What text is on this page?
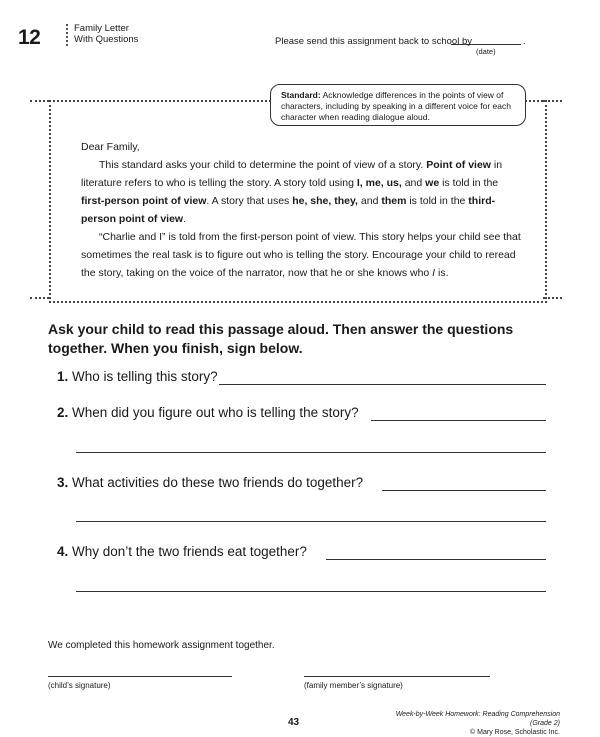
12	Family Letter
With Questions	Please send this assignment back to school by	.
(date)
Standard: Acknowledge differences in the points of view of characters, including by speaking in a different voice for each character when reading dialogue aloud.

Dear Family,

This standard asks your child to determine the point of view of a story. Point of view in literature refers to who is telling the story. A story told using I, me, us, and we is told in the first-person point of view. A story that uses he, she, they, and them is told in the third-person point of view.

“Charlie and I” is told from the first-person point of view. This story helps your child see that sometimes the real task is to figure out who is telling the story. Encourage your child to reread the story, taking on the voice of the narrator, now that he or she knows who I is.

Ask your child to read this passage aloud. Then answer the questions together. When you finish, sign below.
1. Who is telling this story?
2. When did you figure out who is telling the story?
3. What activities do these two friends do together?
4. Why don’t the two friends eat together?
We completed this homework assignment together.
(child’s signature)	(family member’s signature)
43
Week-by-Week Homework: Reading Comprehension (Grade 2)
© Mary Rose, Scholastic Inc.
